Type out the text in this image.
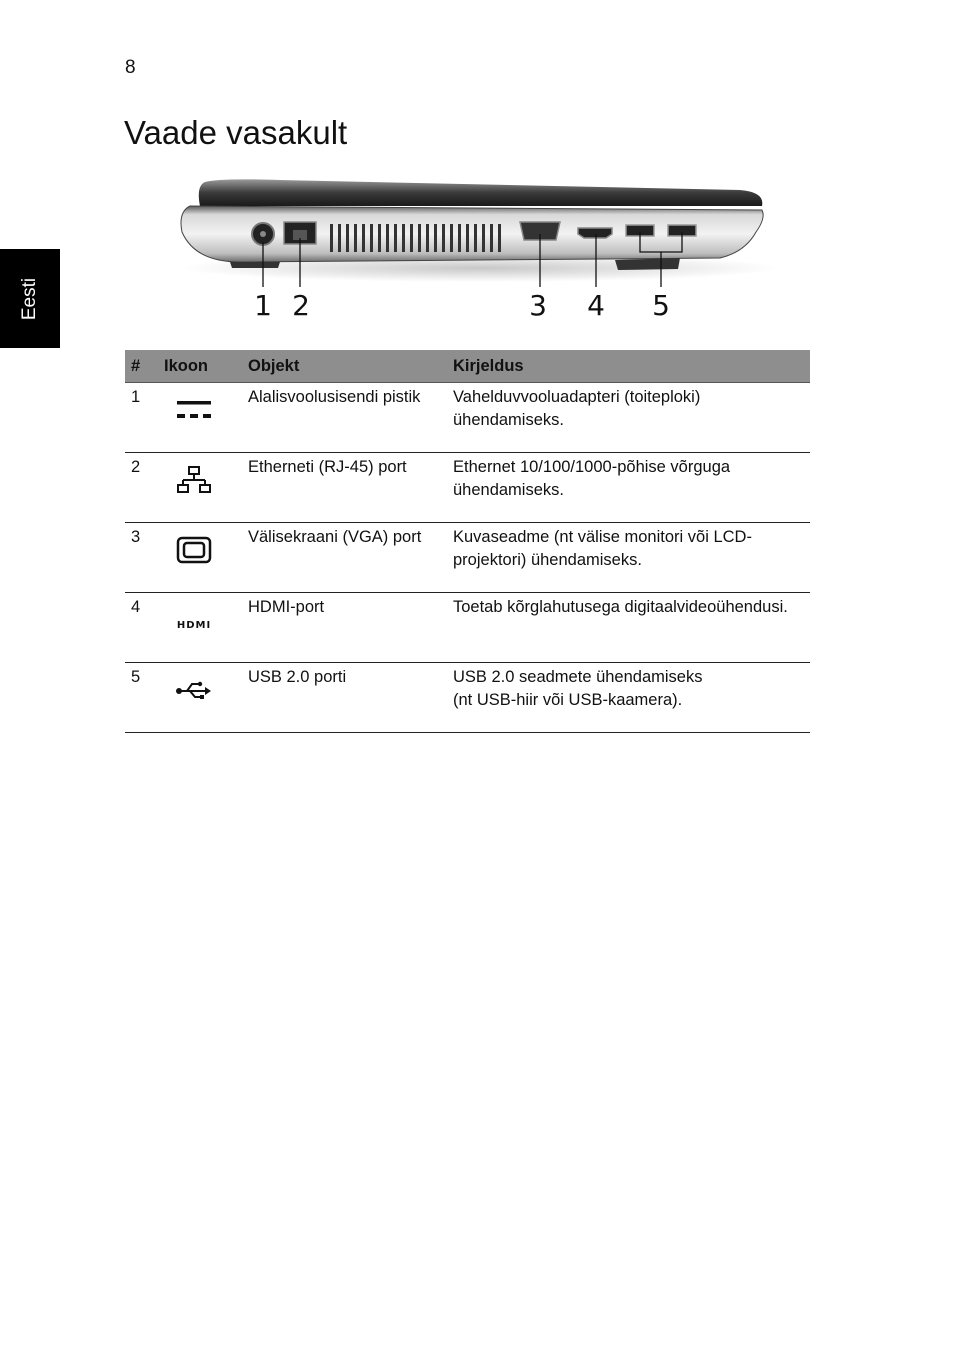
8
Eesti
Vaade vasakult
1 2	3 4 5
#	Ikoon	Objekt	Kirjeldus
1		Alalisvoolusisendi pistik	Vahelduvvooluadapteri (toiteploki) ühendamiseks.
2		Etherneti (RJ-45) port	Ethernet 10/100/1000-põhise võrguga ühendamiseks.
3		Välisekraani (VGA) port	Kuvaseadme (nt välise monitori või LCD-projektori) ühendamiseks.
4	HDMI	HDMI-port	Toetab kõrglahutusega digitaalvideoühendusi.
5		USB 2.0 porti	USB 2.0 seadmete ühendamiseks
(nt USB-hiir või USB-kaamera).
